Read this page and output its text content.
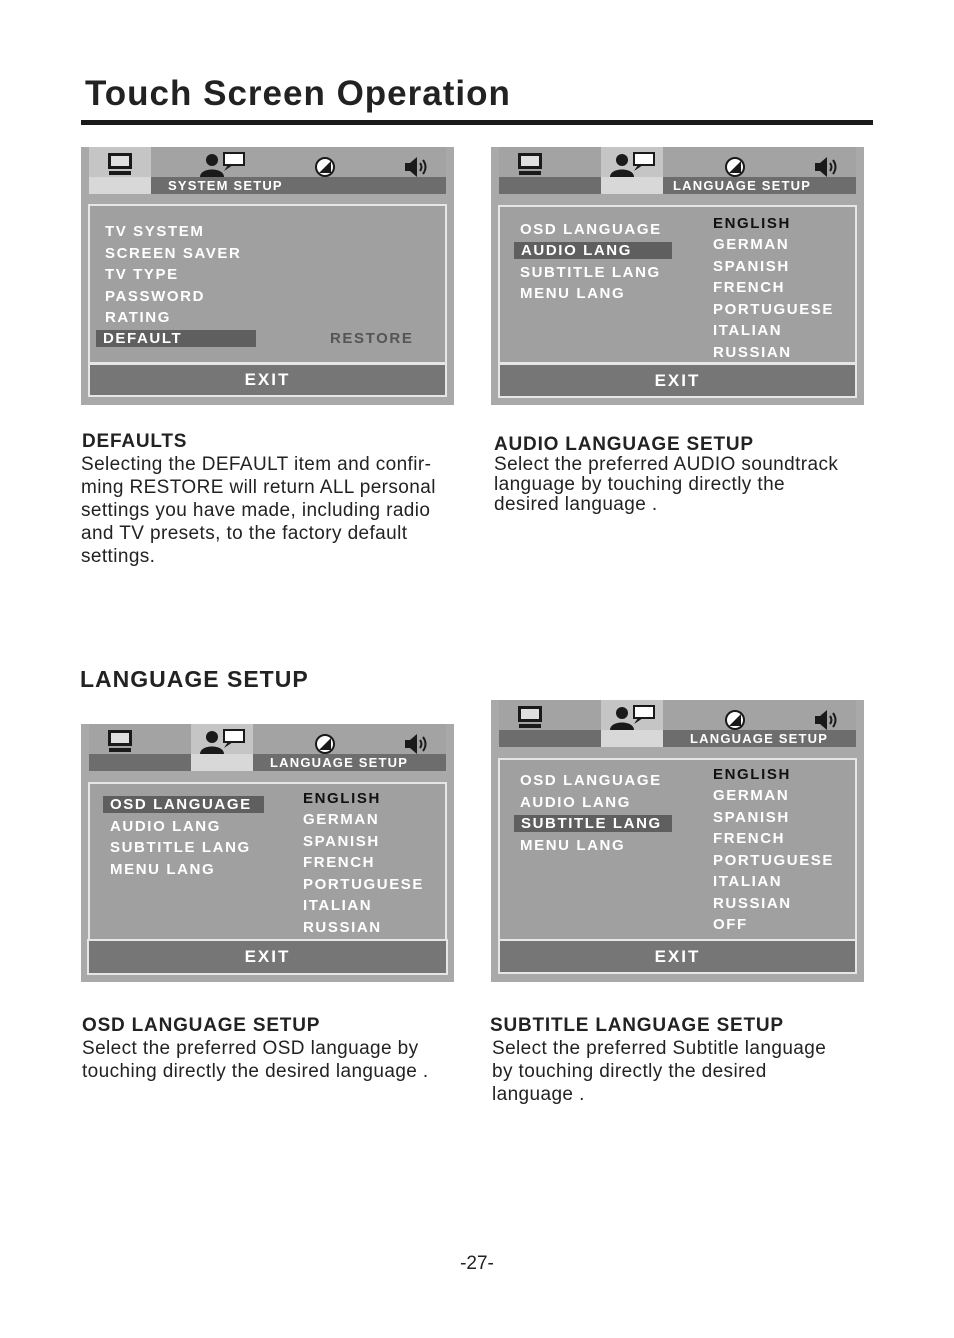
Touch Screen Operation
SYSTEM SETUP
TV SYSTEM
SCREEN SAVER
TV TYPE
PASSWORD
RATING
DEFAULT	RESTORE
EXIT
LANGUAGE SETUP
OSD LANGUAGE
AUDIO LANG
SUBTITLE LANG
MENU LANG
ENGLISH
GERMAN
SPANISH
FRENCH
PORTUGUESE
ITALIAN
RUSSIAN
EXIT
DEFAULTS
Selecting the DEFAULT item and confir-
ming RESTORE will return ALL personal
settings you have made, including radio
and TV presets, to the factory default
settings.
AUDIO LANGUAGE SETUP
Select the preferred AUDIO soundtrack
language by touching directly the
desired language .
LANGUAGE SETUP
LANGUAGE SETUP
OSD LANGUAGE
AUDIO LANG
SUBTITLE LANG
MENU LANG
ENGLISH
GERMAN
SPANISH
FRENCH
PORTUGUESE
ITALIAN
RUSSIAN
EXIT
LANGUAGE SETUP
OSD LANGUAGE
AUDIO LANG
SUBTITLE LANG
MENU LANG
ENGLISH
GERMAN
SPANISH
FRENCH
PORTUGUESE
ITALIAN
RUSSIAN
OFF
EXIT
OSD LANGUAGE SETUP
Select the preferred OSD language by
touching directly the desired language .
SUBTITLE LANGUAGE SETUP
Select the preferred Subtitle language
by touching directly the desired
language .
-27-
